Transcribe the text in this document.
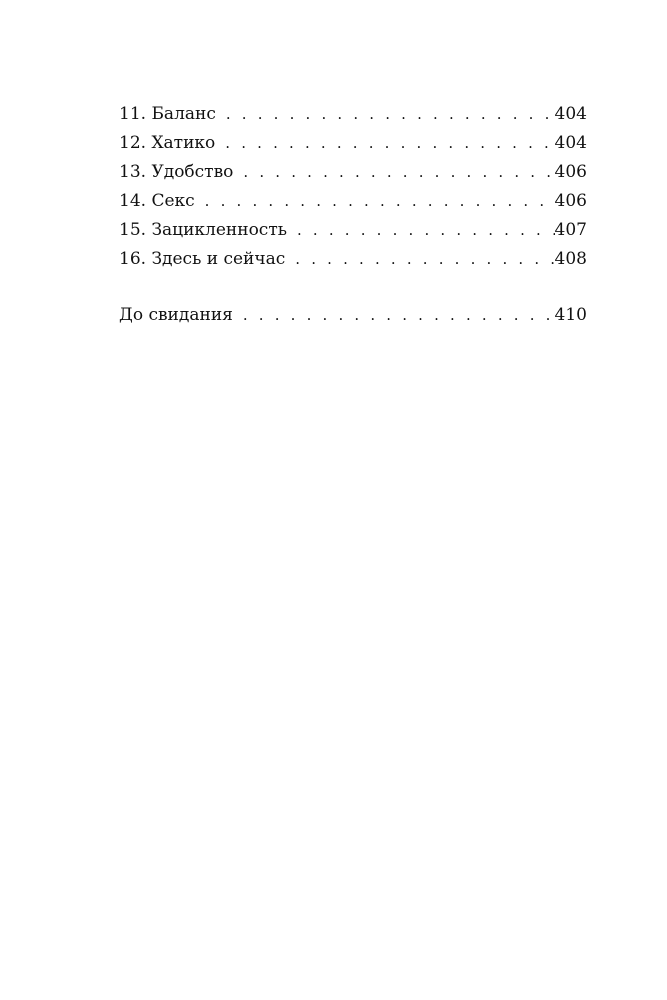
11. Баланс . . .	404
12. Хатико . . .	404
13. Удобство . . .	406
14. Секс . . .	406
15. Зацикленность . . .	407
16. Здесь и сейчас . . .	408
До свидания . . .	410
